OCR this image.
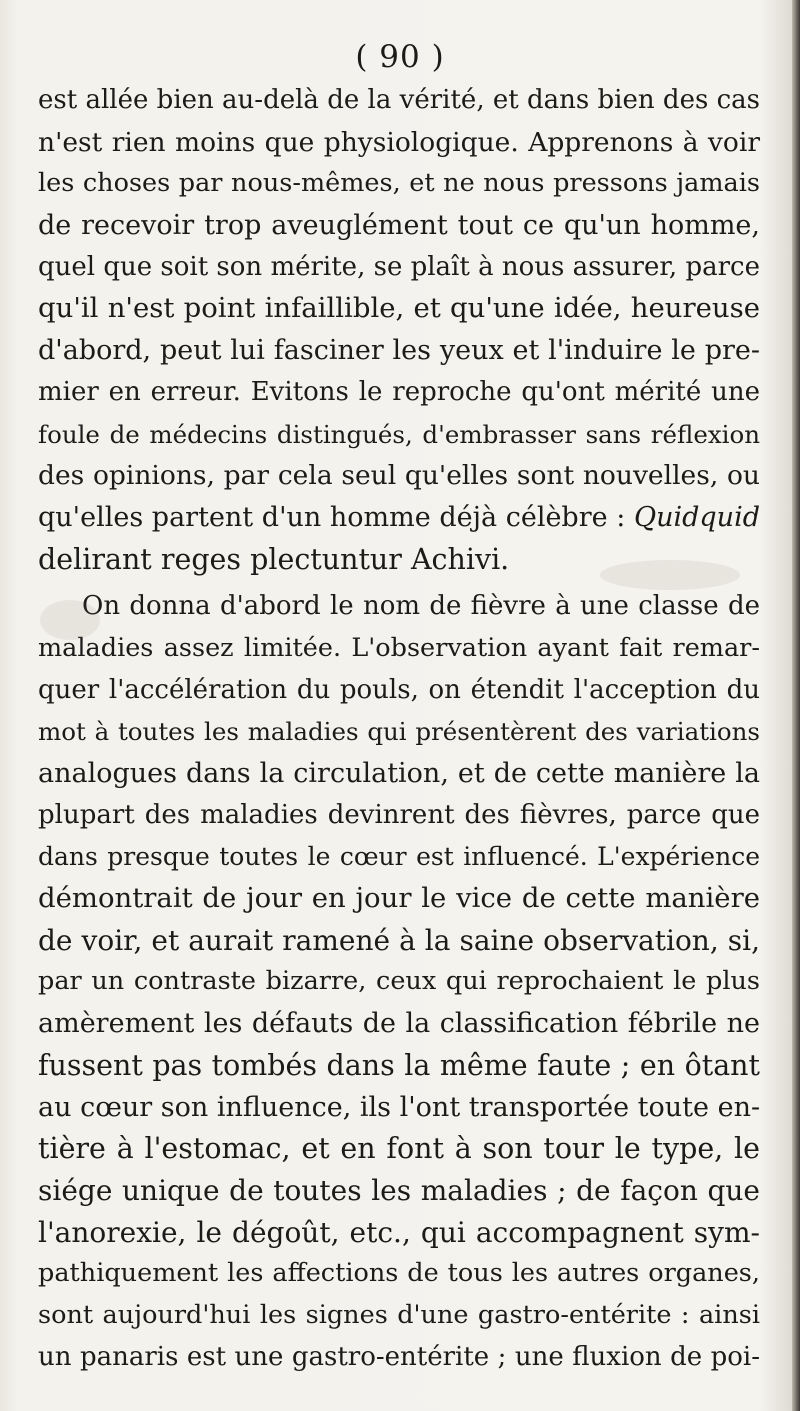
( 90 )
est allée bien au-delà de la vérité, et dans bien des cas
n'est rien moins que physiologique. Apprenons à voir
les choses par nous-mêmes, et ne nous pressons jamais
de recevoir trop aveuglément tout ce qu'un homme,
quel que soit son mérite, se plaît à nous assurer, parce
qu'il n'est point infaillible, et qu'une idée, heureuse
d'abord, peut lui fasciner les yeux et l'induire le pre-
mier en erreur. Evitons le reproche qu'ont mérité une
foule de médecins distingués, d'embrasser sans réflexion
des opinions, par cela seul qu'elles sont nouvelles, ou
qu'elles partent d'un homme déjà célèbre : Quidquid
delirant reges plectuntur Achivi.
On donna d'abord le nom de fièvre à une classe de
maladies assez limitée. L'observation ayant fait remar-
quer l'accélération du pouls, on étendit l'acception du
mot à toutes les maladies qui présentèrent des variations
analogues dans la circulation, et de cette manière la
plupart des maladies devinrent des fièvres, parce que
dans presque toutes le cœur est influencé. L'expérience
démontrait de jour en jour le vice de cette manière
de voir, et aurait ramené à la saine observation, si,
par un contraste bizarre, ceux qui reprochaient le plus
amèrement les défauts de la classification fébrile ne
fussent pas tombés dans la même faute ; en ôtant
au cœur son influence, ils l'ont transportée toute en-
tière à l'estomac, et en font à son tour le type, le
siége unique de toutes les maladies ; de façon que
l'anorexie, le dégoût, etc., qui accompagnent sym-
pathiquement les affections de tous les autres organes,
sont aujourd'hui les signes d'une gastro-entérite : ainsi
un panaris est une gastro-entérite ; une fluxion de poi-
